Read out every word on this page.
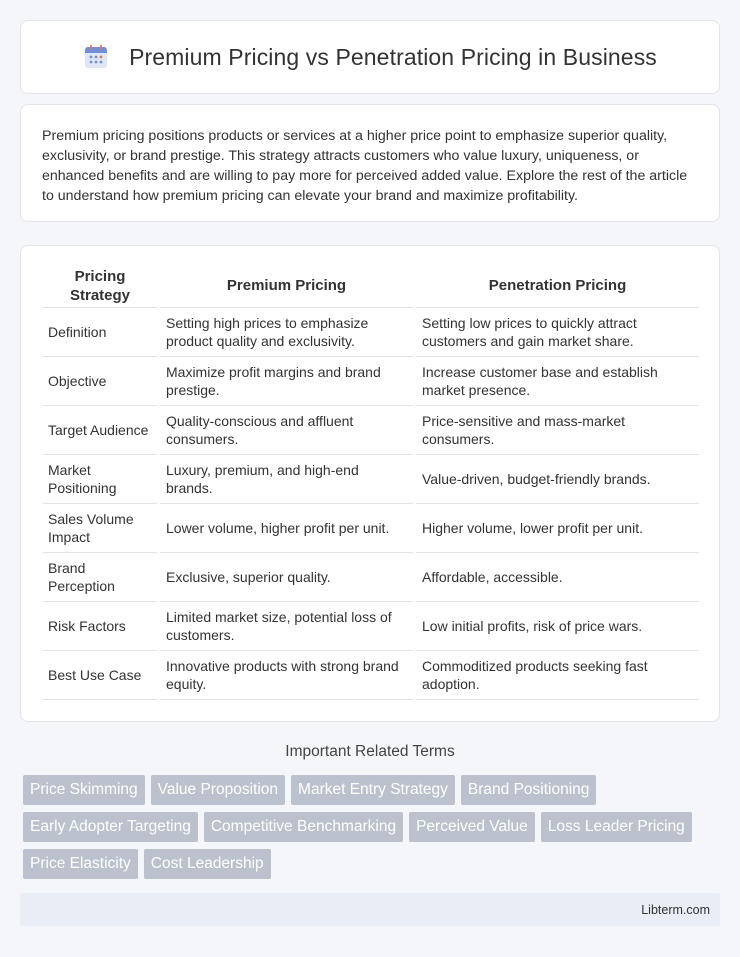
Premium Pricing vs Penetration Pricing in Business

Premium pricing positions products or services at a higher price point to emphasize superior quality, exclusivity, or brand prestige. This strategy attracts customers who value luxury, uniqueness, or enhanced benefits and are willing to pay more for perceived added value. Explore the rest of the article to understand how premium pricing can elevate your brand and maximize profitability.

Pricing Strategy	Premium Pricing	Penetration Pricing
Definition	Setting high prices to emphasize product quality and exclusivity.	Setting low prices to quickly attract customers and gain market share.
Objective	Maximize profit margins and brand prestige.	Increase customer base and establish market presence.
Target Audience	Quality-conscious and affluent consumers.	Price-sensitive and mass-market consumers.
Market Positioning	Luxury, premium, and high-end brands.	Value-driven, budget-friendly brands.
Sales Volume Impact	Lower volume, higher profit per unit.	Higher volume, lower profit per unit.
Brand Perception	Exclusive, superior quality.	Affordable, accessible.
Risk Factors	Limited market size, potential loss of customers.	Low initial profits, risk of price wars.
Best Use Case	Innovative products with strong brand equity.	Commoditized products seeking fast adoption.
Important Related Terms
Price Skimming	Value Proposition	Market Entry Strategy	Brand Positioning
Early Adopter Targeting	Competitive Benchmarking	Perceived Value	Loss Leader Pricing
Price Elasticity	Cost Leadership
Libterm.com
